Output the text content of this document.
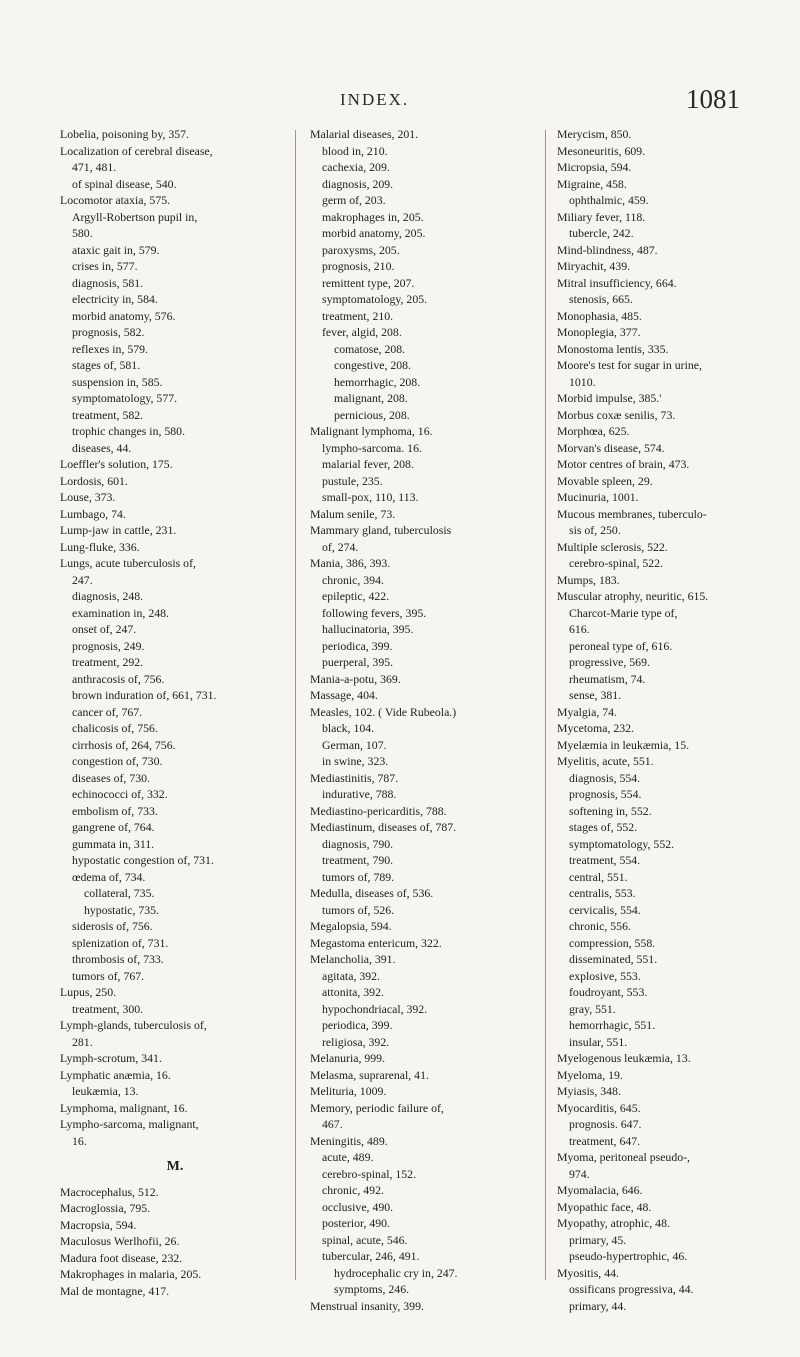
INDEX.	1081
Lobelia, poisoning by, 357.
Localization of cerebral disease,
471, 481.
of spinal disease, 540.
Locomotor ataxia, 575.
Argyll-Robertson pupil in,
580.
ataxic gait in, 579.
crises in, 577.
diagnosis, 581.
electricity in, 584.
morbid anatomy, 576.
prognosis, 582.
reflexes in, 579.
stages of, 581.
suspension in, 585.
symptomatology, 577.
treatment, 582.
trophic changes in, 580.
diseases, 44.
Loeffler's solution, 175.
Lordosis, 601.
Louse, 373.
Lumbago, 74.
Lump-jaw in cattle, 231.
Lung-fluke, 336.
Lungs, acute tuberculosis of,
247.
diagnosis, 248.
examination in, 248.
onset of, 247.
prognosis, 249.
treatment, 292.
anthracosis of, 756.
brown induration of, 661, 731.
cancer of, 767.
chalicosis of, 756.
cirrhosis of, 264, 756.
congestion of, 730.
diseases of, 730.
echinococci of, 332.
embolism of, 733.
gangrene of, 764.
gummata in, 311.
hypostatic congestion of, 731.
œdema of, 734.
collateral, 735.
hypostatic, 735.
siderosis of, 756.
splenization of, 731.
thrombosis of, 733.
tumors of, 767.
Lupus, 250.
treatment, 300.
Lymph-glands, tuberculosis of,
281.
Lymph-scrotum, 341.
Lymphatic anæmia, 16.
leukæmia, 13.
Lymphoma, malignant, 16.
Lympho-sarcoma, malignant,
16.
M.
Macrocephalus, 512.
Macroglossia, 795.
Macropsia, 594.
Maculosus Werlhofii, 26.
Madura foot disease, 232.
Makrophages in malaria, 205.
Mal de montagne, 417.
Malarial diseases, 201.
blood in, 210.
cachexia, 209.
diagnosis, 209.
germ of, 203.
makrophages in, 205.
morbid anatomy, 205.
paroxysms, 205.
prognosis, 210.
remittent type, 207.
symptomatology, 205.
treatment, 210.
fever, algid, 208.
comatose, 208.
congestive, 208.
hemorrhagic, 208.
malignant, 208.
pernicious, 208.
Malignant lymphoma, 16.
lympho-sarcoma. 16.
malarial fever, 208.
pustule, 235.
small-pox, 110, 113.
Malum senile, 73.
Mammary gland, tuberculosis
of, 274.
Mania, 386, 393.
chronic, 394.
epileptic, 422.
following fevers, 395.
hallucinatoria, 395.
periodica, 399.
puerperal, 395.
Mania-a-potu, 369.
Massage, 404.
Measles, 102. ( Vide Rubeola.)
black, 104.
German, 107.
in swine, 323.
Mediastinitis, 787.
indurative, 788.
Mediastino-pericarditis, 788.
Mediastinum, diseases of, 787.
diagnosis, 790.
treatment, 790.
tumors of, 789.
Medulla, diseases of, 536.
tumors of, 526.
Megalopsia, 594.
Megastoma entericum, 322.
Melancholia, 391.
agitata, 392.
attonita, 392.
hypochondriacal, 392.
periodica, 399.
religiosa, 392.
Melanuria, 999.
Melasma, suprarenal, 41.
Melituria, 1009.
Memory, periodic failure of,
467.
Meningitis, 489.
acute, 489.
cerebro-spinal, 152.
chronic, 492.
occlusive, 490.
posterior, 490.
spinal, acute, 546.
tubercular, 246, 491.
hydrocephalic cry in, 247.
symptoms, 246.
Menstrual insanity, 399.
Merycism, 850.
Mesoneuritis, 609.
Micropsia, 594.
Migraine, 458.
ophthalmic, 459.
Miliary fever, 118.
tubercle, 242.
Mind-blindness, 487.
Miryachit, 439.
Mitral insufficiency, 664.
stenosis, 665.
Monophasia, 485.
Monoplegia, 377.
Monostoma lentis, 335.
Moore's test for sugar in urine,
1010.
Morbid impulse, 385.'
Morbus coxæ senilis, 73.
Morphœa, 625.
Morvan's disease, 574.
Motor centres of brain, 473.
Movable spleen, 29.
Mucinuria, 1001.
Mucous membranes, tuberculo-
sis of, 250.
Multiple sclerosis, 522.
cerebro-spinal, 522.
Mumps, 183.
Muscular atrophy, neuritic, 615.
Charcot-Marie type of,
616.
peroneal type of, 616.
progressive, 569.
rheumatism, 74.
sense, 381.
Myalgia, 74.
Mycetoma, 232.
Myelæmia in leukæmia, 15.
Myelitis, acute, 551.
diagnosis, 554.
prognosis, 554.
softening in, 552.
stages of, 552.
symptomatology, 552.
treatment, 554.
central, 551.
centralis, 553.
cervicalis, 554.
chronic, 556.
compression, 558.
disseminated, 551.
explosive, 553.
foudroyant, 553.
gray, 551.
hemorrhagic, 551.
insular, 551.
Myelogenous leukæmia, 13.
Myeloma, 19.
Myiasis, 348.
Myocarditis, 645.
prognosis. 647.
treatment, 647.
Myoma, peritoneal pseudo-,
974.
Myomalacia, 646.
Myopathic face, 48.
Myopathy, atrophic, 48.
primary, 45.
pseudo-hypertrophic, 46.
Myositis, 44.
ossificans progressiva, 44.
primary, 44.
